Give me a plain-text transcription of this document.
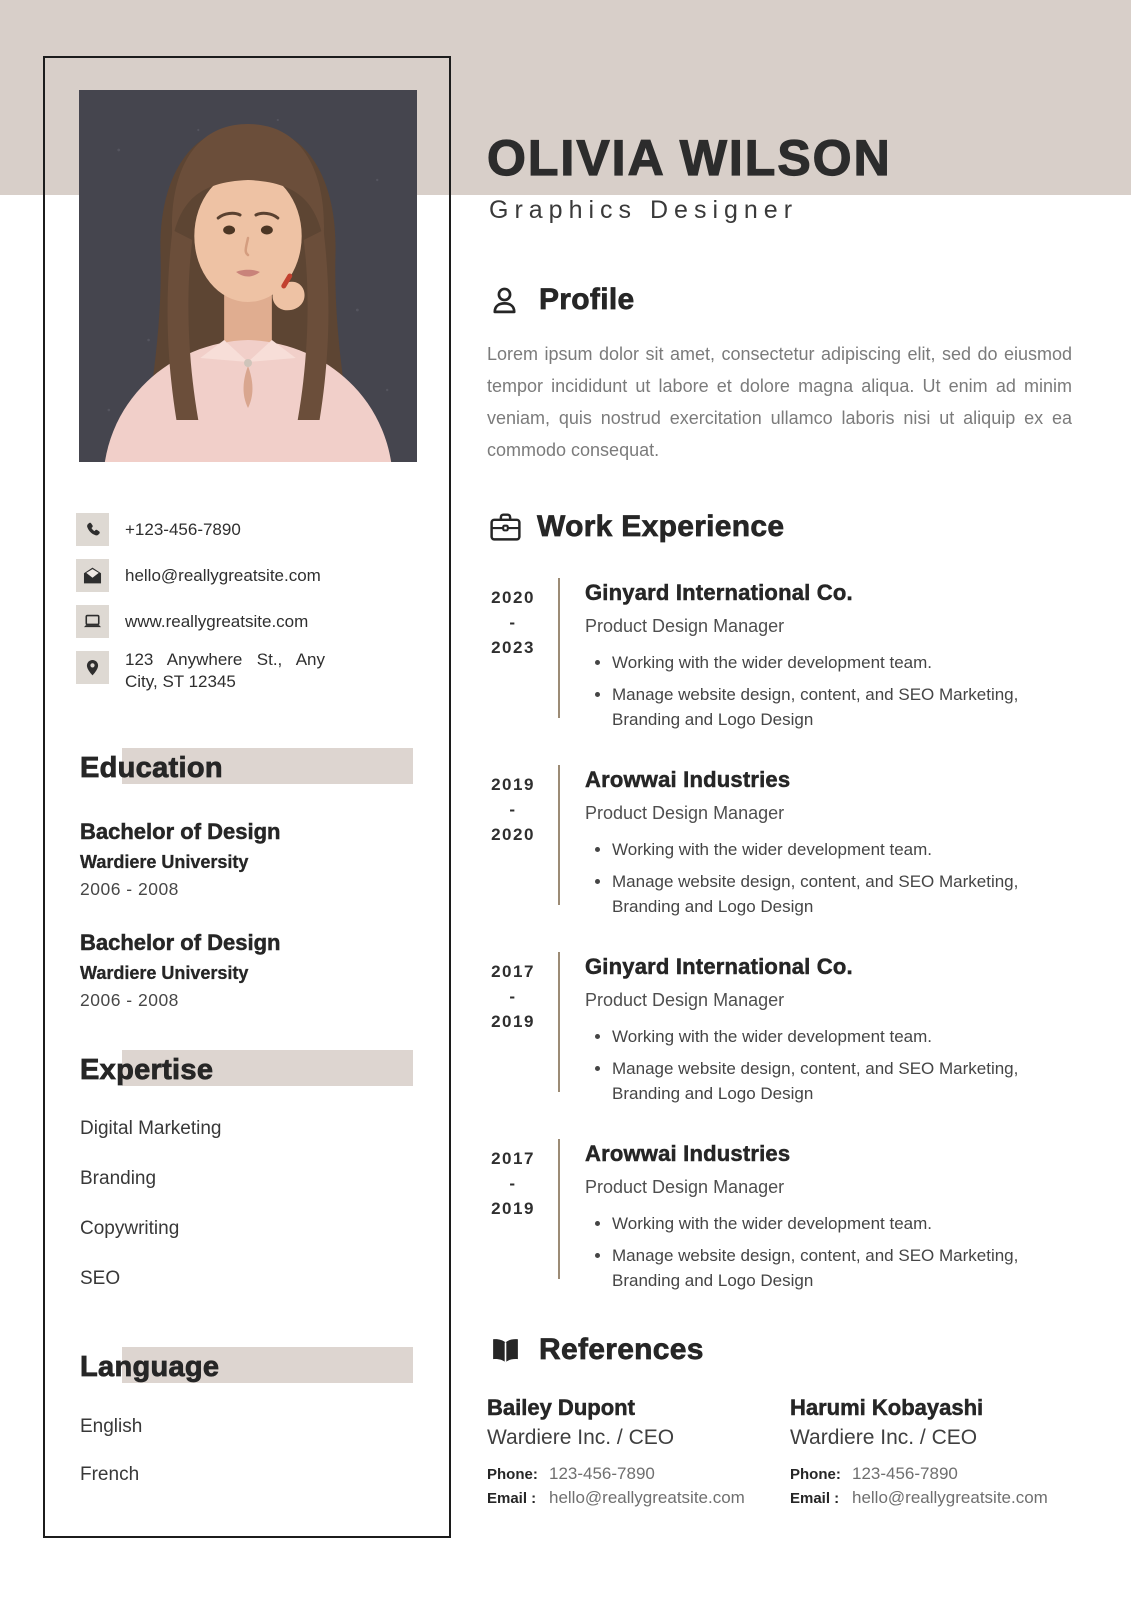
OLIVIA WILSON
Graphics Designer
+123-456-7890
hello@reallygreatsite.com
www.reallygreatsite.com
123 Anywhere St., Any City, ST 12345
Education
Bachelor of Design
Wardiere University
2006 - 2008
Bachelor of Design
Wardiere University
2006 - 2008
Expertise
Digital Marketing
Branding
Copywriting
SEO
Language
English
French
Profile
Lorem ipsum dolor sit amet, consectetur adipiscing elit, sed do eiusmod tempor incididunt ut labore et dolore magna aliqua. Ut enim ad minim veniam, quis nostrud exercitation ullamco laboris nisi ut aliquip ex ea commodo consequat.
Work Experience
2020
-
2023
Ginyard International Co.
Product Design Manager
• Working with the wider development team.
• Manage website design, content, and SEO Marketing, Branding and Logo Design
2019
-
2020
Arowwai Industries
Product Design Manager
• Working with the wider development team.
• Manage website design, content, and SEO Marketing, Branding and Logo Design
2017
-
2019
Ginyard International Co.
Product Design Manager
• Working with the wider development team.
• Manage website design, content, and SEO Marketing, Branding and Logo Design
2017
-
2019
Arowwai Industries
Product Design Manager
• Working with the wider development team.
• Manage website design, content, and SEO Marketing, Branding and Logo Design
References
Bailey Dupont
Wardiere Inc. / CEO
Phone: 123-456-7890
Email : hello@reallygreatsite.com
Harumi Kobayashi
Wardiere Inc. / CEO
Phone: 123-456-7890
Email : hello@reallygreatsite.com
